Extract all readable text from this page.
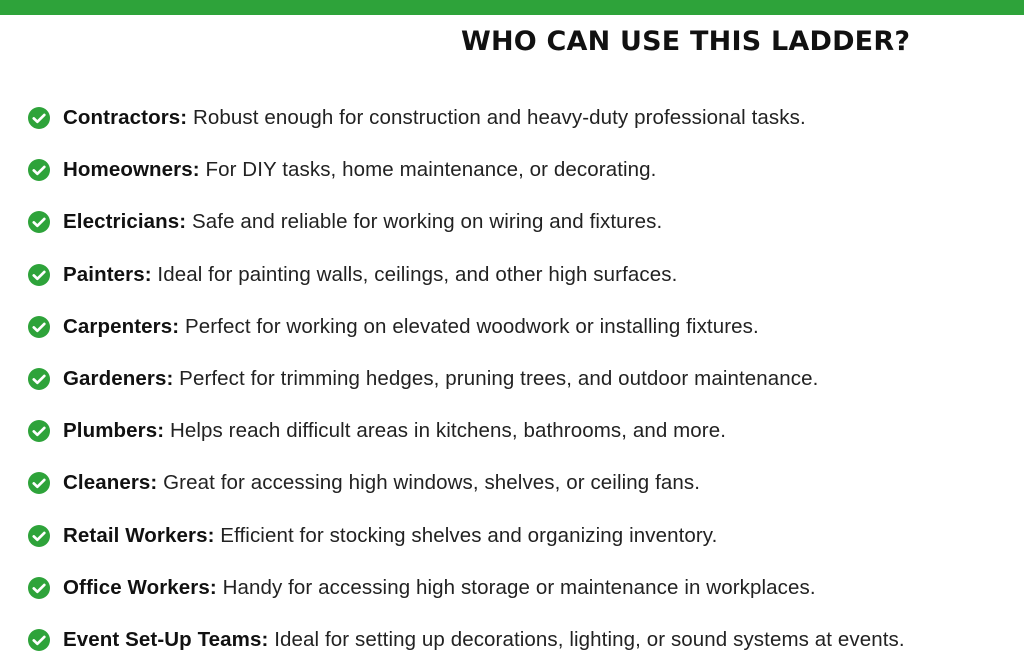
WHO CAN USE THIS LADDER?
Contractors: Robust enough for construction and heavy-duty professional tasks.
Homeowners: For DIY tasks, home maintenance, or decorating.
Electricians: Safe and reliable for working on wiring and fixtures.
Painters: Ideal for painting walls, ceilings, and other high surfaces.
Carpenters: Perfect for working on elevated woodwork or installing fixtures.
Gardeners: Perfect for trimming hedges, pruning trees, and outdoor maintenance.
Plumbers: Helps reach difficult areas in kitchens, bathrooms, and more.
Cleaners: Great for accessing high windows, shelves, or ceiling fans.
Retail Workers: Efficient for stocking shelves and organizing inventory.
Office Workers: Handy for accessing high storage or maintenance in workplaces.
Event Set-Up Teams: Ideal for setting up decorations, lighting, or sound systems at events.
